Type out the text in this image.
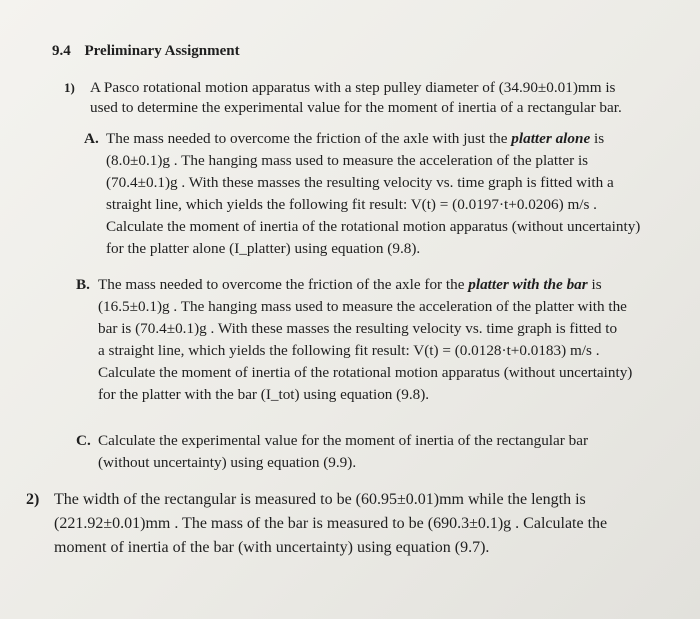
9.4 Preliminary Assignment
1) A Pasco rotational motion apparatus with a step pulley diameter of (34.90±0.01)mm is
used to determine the experimental value for the moment of inertia of a rectangular bar.
A. The mass needed to overcome the friction of the axle with just the platter alone is
(8.0±0.1)g . The hanging mass used to measure the acceleration of the platter is
(70.4±0.1)g . With these masses the resulting velocity vs. time graph is fitted with a
straight line, which yields the following fit result: V(t) = (0.0197·t+0.0206) m/s .
Calculate the moment of inertia of the rotational motion apparatus (without uncertainty)
for the platter alone (I_platter) using equation (9.8).
B. The mass needed to overcome the friction of the axle for the platter with the bar is
(16.5±0.1)g . The hanging mass used to measure the acceleration of the platter with the
bar is (70.4±0.1)g . With these masses the resulting velocity vs. time graph is fitted to
a straight line, which yields the following fit result: V(t) = (0.0128·t+0.0183) m/s .
Calculate the moment of inertia of the rotational motion apparatus (without uncertainty)
for the platter with the bar (I_tot) using equation (9.8).
C. Calculate the experimental value for the moment of inertia of the rectangular bar
(without uncertainty) using equation (9.9).
2) The width of the rectangular is measured to be (60.95±0.01)mm while the length is
(221.92±0.01)mm . The mass of the bar is measured to be (690.3±0.1)g . Calculate the
moment of inertia of the bar (with uncertainty) using equation (9.7).
